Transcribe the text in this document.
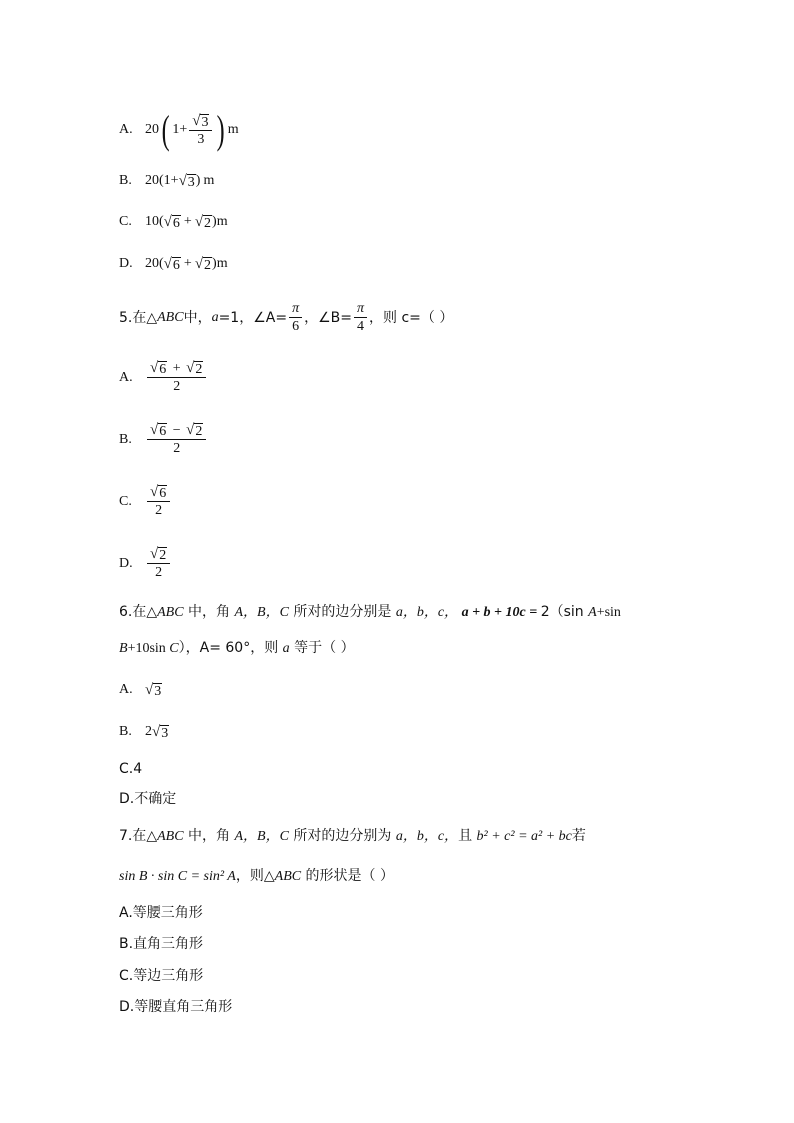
A. 20 ( $1+ \frac{√ 3}{3}$ ) m
B. 20(1+ √ 3 ) m
C. 10( √ 6 + √ 2 ) m
D. 20( √ 6 + √ 2 ) m
5.在△ ABC 中， a =1，∠A= $\frac{\pi}{6}$ ，∠B= $\frac{\pi}{4}$ ，则 c=（ ）
A. $\frac{√ 6 + √ 2}{2}$
B.	$\frac{√ 6 - √ 2}{2}$
C.	$\frac{√ 6}{2}$
D. $\frac{√ 2}{2}$
6.在△ABC 中，角 A，B，C 所对的边分别是 a，b，c， a + b + 10c = 2（sin A+sin
B+10sin C），A= 60°，则 a 等于（ ）
A. √ 3
B. 2 √ 3
C.4
D.不确定
7.在△ABC 中，角 A，B，C 所对的边分别为 a，b，c，且 b² + c² = a² + bc若
sin B · sin C = sin² A，则△ABC 的形状是（ ）
A.等腰三角形
B.直角三角形
C.等边三角形
D.等腰直角三角形
